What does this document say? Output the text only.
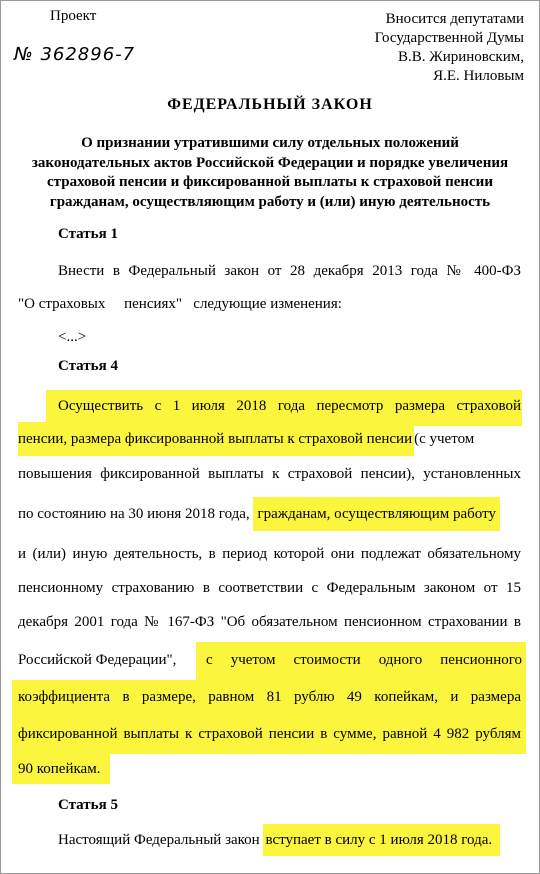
Проект
№ 362896-7
Вносится депутатами
Государственной Думы
В.В. Жириновским,
Я.Е. Ниловым
ФЕДЕРАЛЬНЫЙ ЗАКОН
О признании утратившими силу отдельных положений
законодательных актов Российской Федерации и порядке увеличения
страховой пенсии и фиксированной выплаты к страховой пенсии
гражданам, осуществляющим работу и (или) иную деятельность
Статья 1
Внести в Федеральный закон от 28 декабря 2013 года № 400-ФЗ
"О страховых пенсиях" следующие изменения:
<...>
Статья 4
Осуществить с 1 июля 2018 года пересмотр размера страховой
пенсии, размера фиксированной выплаты к страховой пенсии (с учетом
повышения фиксированной выплаты к страховой пенсии), установленных
по состоянию на 30 июня 2018 года, гражданам, осуществляющим работу
и (или) иную деятельность, в период которой они подлежат обязательному
пенсионному страхованию в соответствии с Федеральным законом от 15
декабря 2001 года № 167-ФЗ "Об обязательном пенсионном страховании в
Российской Федерации", с учетом стоимости одного пенсионного
коэффициента в размере, равном 81 рублю 49 копейкам, и размера
фиксированной выплаты к страховой пенсии в сумме, равной 4 982 рублям
90 копейкам.
Статья 5
Настоящий Федеральный закон вступает в силу с 1 июля 2018 года.
